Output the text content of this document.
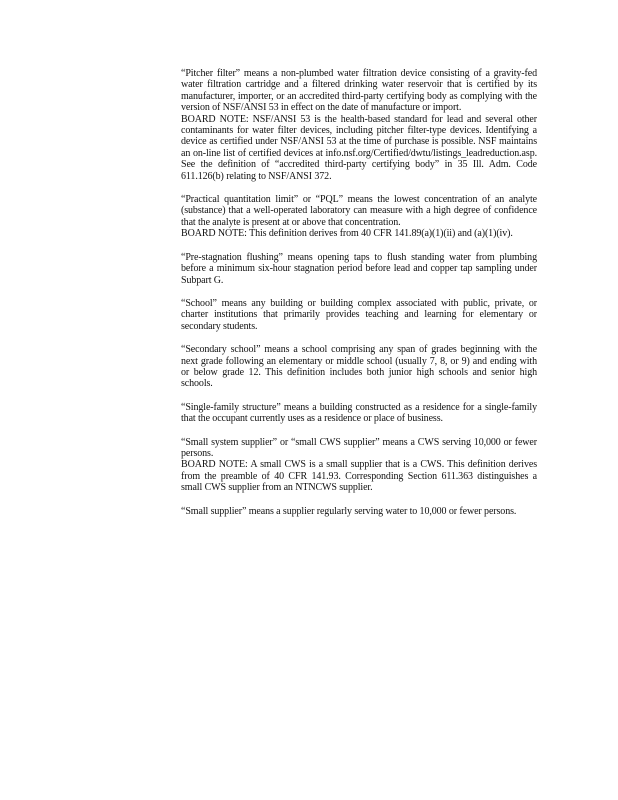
“Pitcher filter” means a non-plumbed water filtration device consisting of a gravity-fed water filtration cartridge and a filtered drinking water reservoir that is certified by its manufacturer, importer, or an accredited third-party certifying body as complying with the version of NSF/ANSI 53 in effect on the date of manufacture or import.

BOARD NOTE: NSF/ANSI 53 is the health-based standard for lead and several other contaminants for water filter devices, including pitcher filter-type devices. Identifying a device as certified under NSF/ANSI 53 at the time of purchase is possible. NSF maintains an on-line list of certified devices at info.nsf.org/Certified/dwtu/listings_leadreduction.asp. See the definition of “accredited third-party certifying body” in 35 Ill. Adm. Code 611.126(b) relating to NSF/ANSI 372.

“Practical quantitation limit” or “PQL” means the lowest concentration of an analyte (substance) that a well-operated laboratory can measure with a high degree of confidence that the analyte is present at or above that concentration.

BOARD NOTE: This definition derives from 40 CFR 141.89(a)(1)(ii) and (a)(1)(iv).

“Pre-stagnation flushing” means opening taps to flush standing water from plumbing before a minimum six-hour stagnation period before lead and copper tap sampling under Subpart G.

“School” means any building or building complex associated with public, private, or charter institutions that primarily provides teaching and learning for elementary or secondary students.

“Secondary school” means a school comprising any span of grades beginning with the next grade following an elementary or middle school (usually 7, 8, or 9) and ending with or below grade 12. This definition includes both junior high schools and senior high schools.

“Single-family structure” means a building constructed as a residence for a single-family that the occupant currently uses as a residence or place of business.

“Small system supplier” or “small CWS supplier” means a CWS serving 10,000 or fewer persons.

BOARD NOTE: A small CWS is a small supplier that is a CWS. This definition derives from the preamble of 40 CFR 141.93. Corresponding Section 611.363 distinguishes a small CWS supplier from an NTNCWS supplier.

“Small supplier” means a supplier regularly serving water to 10,000 or fewer persons.
